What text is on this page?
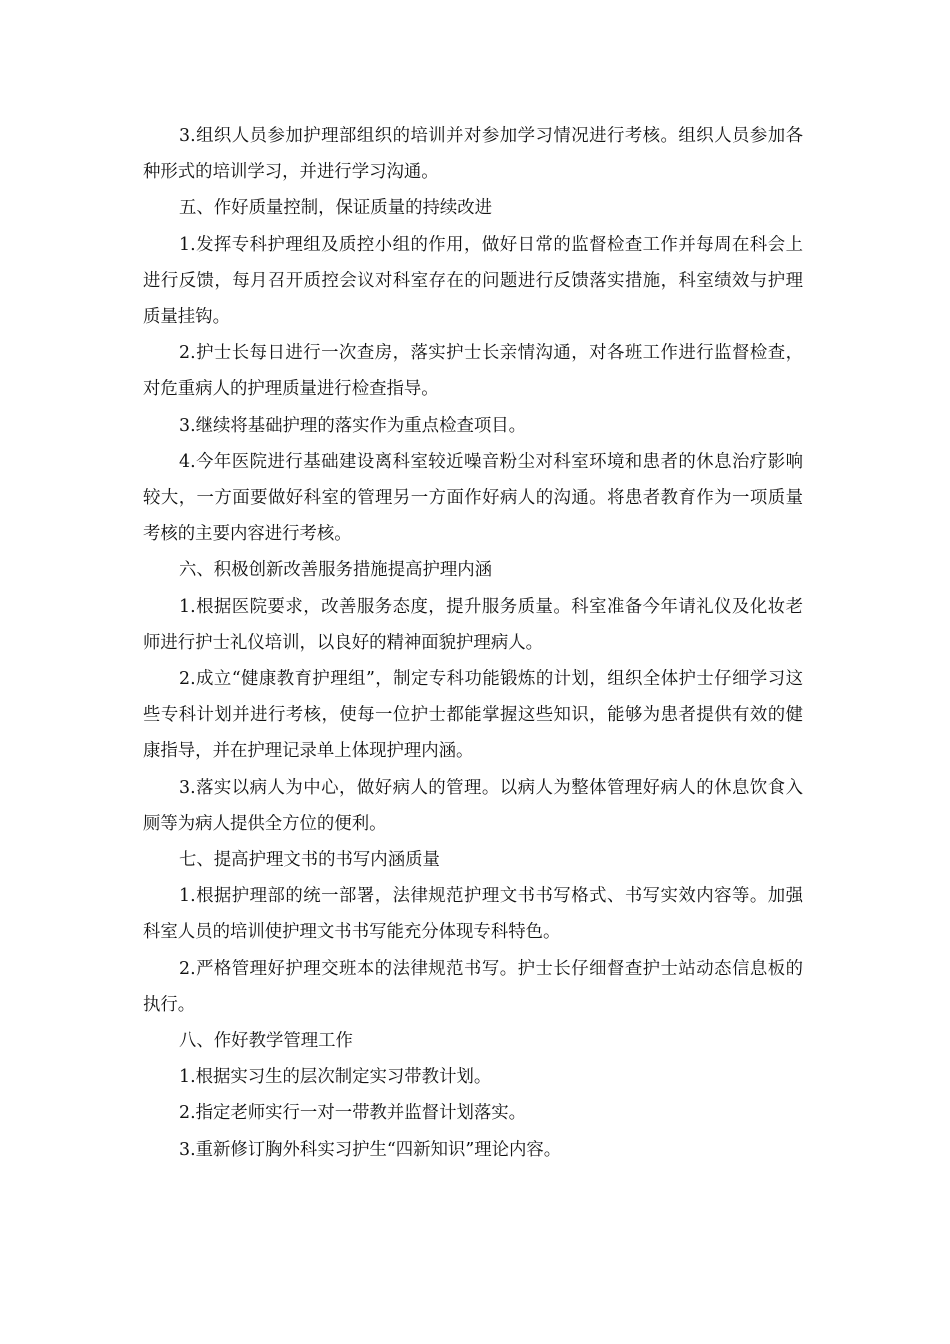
3.组织人员参加护理部组织的培训并对参加学习情况进行考核。组织人员参加各种形式的培训学习，并进行学习沟通。

五、作好质量控制，保证质量的持续改进

1.发挥专科护理组及质控小组的作用，做好日常的监督检查工作并每周在科会上进行反馈，每月召开质控会议对科室存在的问题进行反馈落实措施，科室绩效与护理质量挂钩。

2.护士长每日进行一次查房，落实护士长亲情沟通，对各班工作进行监督检查，对危重病人的护理质量进行检查指导。

3.继续将基础护理的落实作为重点检查项目。

4.今年医院进行基础建设离科室较近噪音粉尘对科室环境和患者的休息治疗影响较大，一方面要做好科室的管理另一方面作好病人的沟通。将患者教育作为一项质量考核的主要内容进行考核。

六、积极创新改善服务措施提高护理内涵

1.根据医院要求，改善服务态度，提升服务质量。科室准备今年请礼仪及化妆老师进行护士礼仪培训，以良好的精神面貌护理病人。

2.成立“健康教育护理组”，制定专科功能锻炼的计划，组织全体护士仔细学习这些专科计划并进行考核，使每一位护士都能掌握这些知识，能够为患者提供有效的健康指导，并在护理记录单上体现护理内涵。

3.落实以病人为中心，做好病人的管理。以病人为整体管理好病人的休息饮食入厕等为病人提供全方位的便利。

七、提高护理文书的书写内涵质量

1.根据护理部的统一部署，法律规范护理文书书写格式、书写实效内容等。加强科室人员的培训使护理文书书写能充分体现专科特色。

2.严格管理好护理交班本的法律规范书写。护士长仔细督查护士站动态信息板的执行。

八、作好教学管理工作

1.根据实习生的层次制定实习带教计划。

2.指定老师实行一对一带教并监督计划落实。

3.重新修订胸外科实习护生“四新知识”理论内容。
